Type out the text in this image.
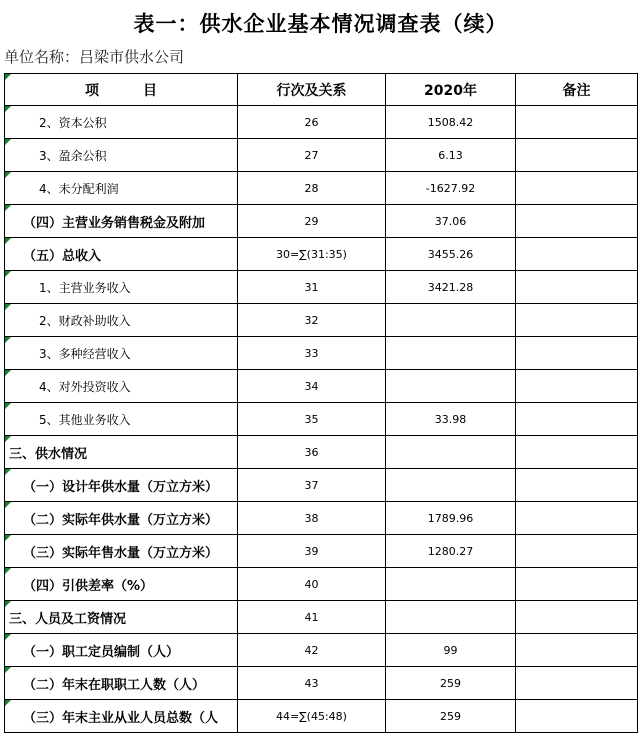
表一：供水企业基本情况调查表（续）
单位名称：吕梁市供水公司
项 目	行次及关系	2020年	备注

2、资本公积	26	1508.42	

3、盈余公积	27	6.13	

4、未分配利润	28	-1627.92	

（四）主营业务销售税金及附加	29	37.06	

（五）总收入	30=∑(31:35)	3455.26	

1、主营业务收入	31	3421.28	

2、财政补助收入	32		

3、多种经营收入	33		

4、对外投资收入	34		

5、其他业务收入	35	33.98	

三、供水情况	36		

（一）设计年供水量（万立方米）	37		

（二）实际年供水量（万立方米）	38	1789.96	

（三）实际年售水量（万立方米）	39	1280.27	

（四）引供差率（%）	40		

三、人员及工资情况	41		

（一）职工定员编制（人）	42	99	

（二）年末在职职工人数（人）	43	259	

（三）年末主业从业人员总数（人	44=∑(45:48)	259	
